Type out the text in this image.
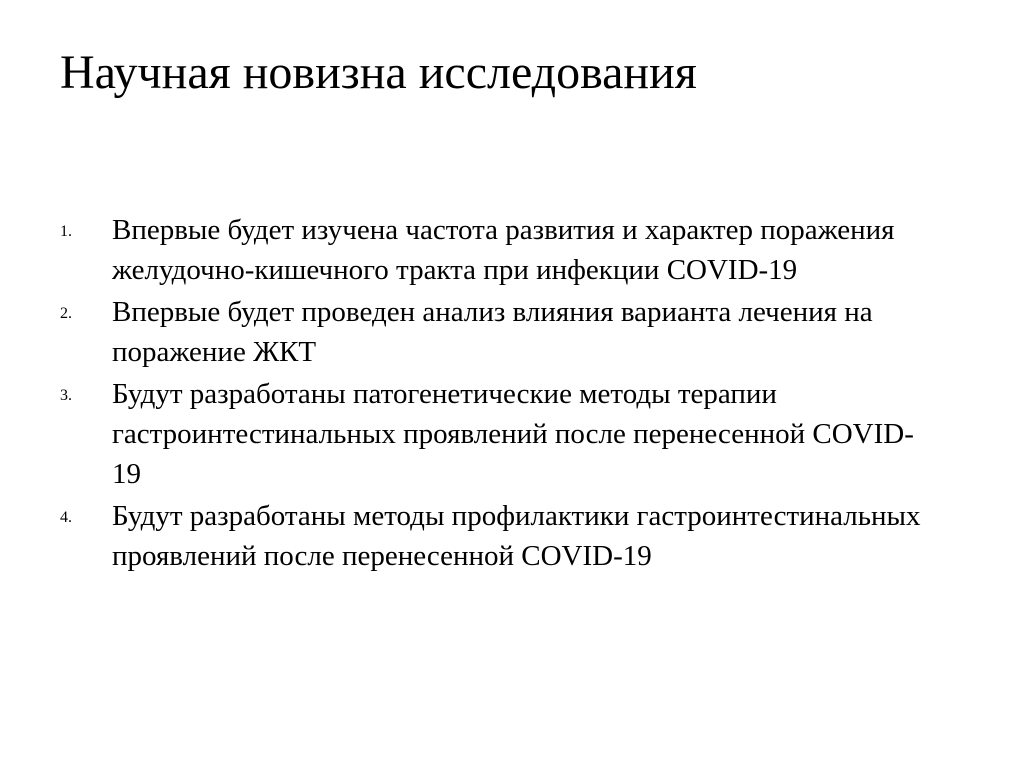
Научная новизна исследования
1. Впервые будет изучена частота развития и характер поражения желудочно-кишечного тракта при инфекции COVID-19
2. Впервые будет проведен анализ влияния варианта лечения на поражение ЖКТ
3. Будут разработаны патогенетические методы терапии гастроинтестинальных проявлений после перенесенной COVID-19
4. Будут разработаны методы профилактики гастроинтестинальных проявлений после перенесенной COVID-19
